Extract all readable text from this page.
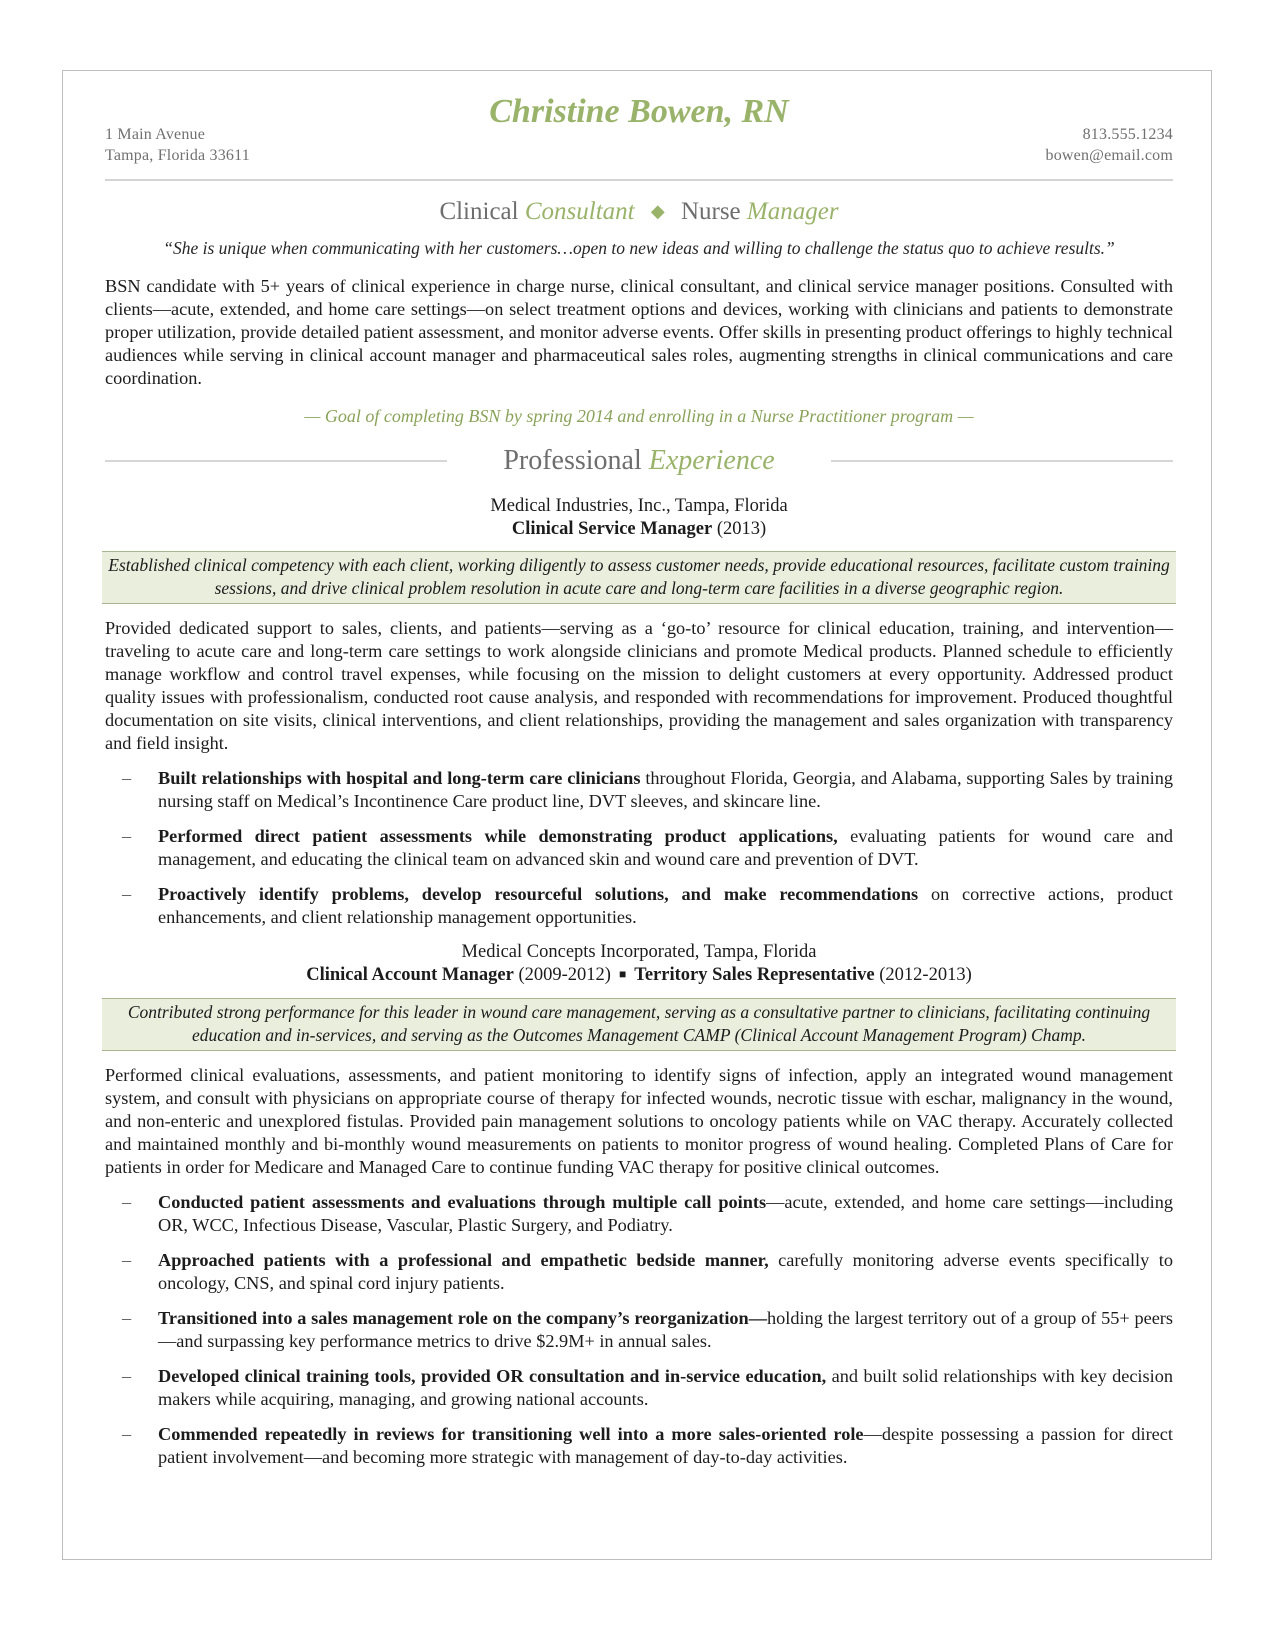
Christine Bowen, RN
1 Main Avenue
Tampa, Florida 33611
813.555.1234
bowen@email.com
Clinical Consultant ◆ Nurse Manager
“She is unique when communicating with her customers…open to new ideas and willing to challenge the status quo to achieve results.”

BSN candidate with 5+ years of clinical experience in charge nurse, clinical consultant, and clinical service manager positions. Consulted with clients—acute, extended, and home care settings—on select treatment options and devices, working with clinicians and patients to demonstrate proper utilization, provide detailed patient assessment, and monitor adverse events. Offer skills in presenting product offerings to highly technical audiences while serving in clinical account manager and pharmaceutical sales roles, augmenting strengths in clinical communications and care coordination.

— Goal of completing BSN by spring 2014 and enrolling in a Nurse Practitioner program —
Professional Experience
Medical Industries, Inc., Tampa, Florida
Clinical Service Manager (2013)
Established clinical competency with each client, working diligently to assess customer needs, provide educational resources, facilitate custom training sessions, and drive clinical problem resolution in acute care and long-term care facilities in a diverse geographic region.

Provided dedicated support to sales, clients, and patients—serving as a ‘go-to’ resource for clinical education, training, and intervention—traveling to acute care and long-term care settings to work alongside clinicians and promote Medical products. Planned schedule to efficiently manage workflow and control travel expenses, while focusing on the mission to delight customers at every opportunity. Addressed product quality issues with professionalism, conducted root cause analysis, and responded with recommendations for improvement. Produced thoughtful documentation on site visits, clinical interventions, and client relationships, providing the management and sales organization with transparency and field insight.

– Built relationships with hospital and long-term care clinicians throughout Florida, Georgia, and Alabama, supporting Sales by training nursing staff on Medical’s Incontinence Care product line, DVT sleeves, and skincare line.
– Performed direct patient assessments while demonstrating product applications, evaluating patients for wound care and management, and educating the clinical team on advanced skin and wound care and prevention of DVT.
– Proactively identify problems, develop resourceful solutions, and make recommendations on corrective actions, product enhancements, and client relationship management opportunities.
Medical Concepts Incorporated, Tampa, Florida
Clinical Account Manager (2009-2012) ■ Territory Sales Representative (2012-2013)
Contributed strong performance for this leader in wound care management, serving as a consultative partner to clinicians, facilitating continuing education and in-services, and serving as the Outcomes Management CAMP (Clinical Account Management Program) Champ.

Performed clinical evaluations, assessments, and patient monitoring to identify signs of infection, apply an integrated wound management system, and consult with physicians on appropriate course of therapy for infected wounds, necrotic tissue with eschar, malignancy in the wound, and non-enteric and unexplored fistulas. Provided pain management solutions to oncology patients while on VAC therapy. Accurately collected and maintained monthly and bi-monthly wound measurements on patients to monitor progress of wound healing. Completed Plans of Care for patients in order for Medicare and Managed Care to continue funding VAC therapy for positive clinical outcomes.

– Conducted patient assessments and evaluations through multiple call points—acute, extended, and home care settings—including OR, WCC, Infectious Disease, Vascular, Plastic Surgery, and Podiatry.
– Approached patients with a professional and empathetic bedside manner, carefully monitoring adverse events specifically to oncology, CNS, and spinal cord injury patients.
– Transitioned into a sales management role on the company’s reorganization—holding the largest territory out of a group of 55+ peers—and surpassing key performance metrics to drive $2.9M+ in annual sales.
– Developed clinical training tools, provided OR consultation and in-service education, and built solid relationships with key decision makers while acquiring, managing, and growing national accounts.
– Commended repeatedly in reviews for transitioning well into a more sales-oriented role—despite possessing a passion for direct patient involvement—and becoming more strategic with management of day-to-day activities.
